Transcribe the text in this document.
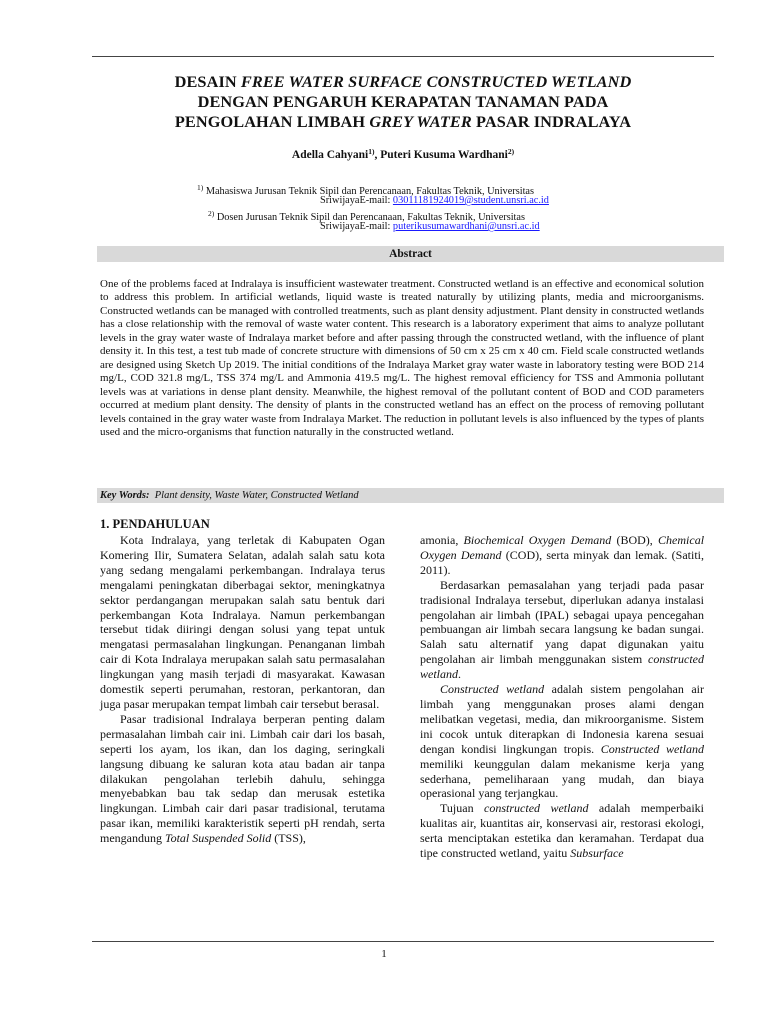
DESAIN FREE WATER SURFACE CONSTRUCTED WETLAND
DENGAN PENGARUH KERAPATAN TANAMAN PADA
PENGOLAHAN LIMBAH GREY WATER PASAR INDRALAYA
Adella Cahyani$^{1)}$, Puteri Kusuma Wardhani$^{2)}$
$^{1)}$ Mahasiswa Jurusan Teknik Sipil dan Perencanaan, Fakultas Teknik, Universitas
SriwijayaE-mail: 03011181924019@student.unsri.ac.id
$^{2)}$ Dosen Jurusan Teknik Sipil dan Perencanaan, Fakultas Teknik, Universitas
SriwijayaE-mail: puterikusumawardhani@unsri.ac.id
Abstract
One of the problems faced at Indralaya is insufficient wastewater treatment. Constructed wetland is an effective and economical solution to address this problem. In artificial wetlands, liquid waste is treated naturally by utilizing plants, media and microorganisms. Constructed wetlands can be managed with controlled treatments, such as plant density adjustment. Plant density in constructed wetlands has a close relationship with the removal of waste water content. This research is a laboratory experiment that aims to analyze pollutant levels in the gray water waste of Indralaya market before and after passing through the constructed wetland, with the influence of plant density it. In this test, a test tub made of concrete structure with dimensions of 50 cm x 25 cm x 40 cm. Field scale constructed wetlands are designed using Sketch Up 2019. The initial conditions of the Indralaya Market gray water waste in laboratory testing were BOD 214 mg/L, COD 321.8 mg/L, TSS 374 mg/L and Ammonia 419.5 mg/L. The highest removal efficiency for TSS and Ammonia pollutant levels was at variations in dense plant density. Meanwhile, the highest removal of the pollutant content of BOD and COD parameters occurred at medium plant density. The density of plants in the constructed wetland has an effect on the process of removing pollutant levels contained in the gray water waste from Indralaya Market. The reduction in pollutant levels is also influenced by the types of plants used and the micro-organisms that function naturally in the constructed wetland.
Key Words: Plant density, Waste Water, Constructed Wetland
1. PENDAHULUAN

Kota Indralaya, yang terletak di Kabupaten Ogan Komering Ilir, Sumatera Selatan, adalah salah satu kota yang sedang mengalami perkembangan. Indralaya terus mengalami peningkatan diberbagai sektor, meningkatnya sektor perdangangan merupakan salah satu bentuk dari perkembangan Kota Indralaya. Namun perkembangan tersebut tidak diiringi dengan solusi yang tepat untuk mengatasi permasalahan lingkungan. Penanganan limbah cair di Kota Indralaya merupakan salah satu permasalahan lingkungan yang masih terjadi di masyarakat. Kawasan domestik seperti perumahan, restoran, perkantoran, dan juga pasar merupakan tempat limbah cair tersebut berasal.

Pasar tradisional Indralaya berperan penting dalam permasalahan limbah cair ini. Limbah cair dari los basah, seperti los ayam, los ikan, dan los daging, seringkali langsung dibuang ke saluran kota atau badan air tanpa dilakukan pengolahan terlebih dahulu, sehingga menyebabkan bau tak sedap dan merusak estetika lingkungan. Limbah cair dari pasar tradisional, terutama pasar ikan, memiliki karakteristik seperti pH rendah, serta mengandung Total Suspended Solid (TSS),

amonia, Biochemical Oxygen Demand (BOD), Chemical Oxygen Demand (COD), serta minyak dan lemak. (Satiti, 2011).

Berdasarkan pemasalahan yang terjadi pada pasar tradisional Indralaya tersebut, diperlukan adanya instalasi pengolahan air limbah (IPAL) sebagai upaya pencegahan pembuangan air limbah secara langsung ke badan sungai. Salah satu alternatif yang dapat digunakan yaitu pengolahan air limbah menggunakan sistem constructed wetland.

Constructed wetland adalah sistem pengolahan air limbah yang menggunakan proses alami dengan melibatkan vegetasi, media, dan mikroorganisme. Sistem ini cocok untuk diterapkan di Indonesia karena sesuai dengan kondisi lingkungan tropis. Constructed wetland memiliki keunggulan dalam mekanisme kerja yang sederhana, pemeliharaan yang mudah, dan biaya operasional yang terjangkau.

Tujuan constructed wetland adalah memperbaiki kualitas air, kuantitas air, konservasi air, restorasi ekologi, serta menciptakan estetika dan keramahan. Terdapat dua tipe constructed wetland, yaitu Subsurface

1
